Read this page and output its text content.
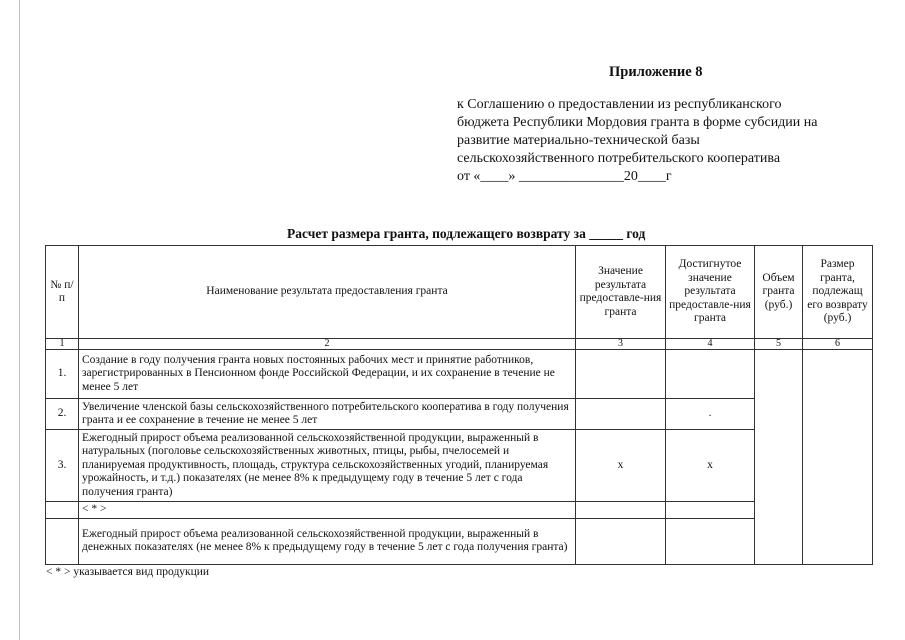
Приложение 8
к Соглашению о предоставлении из республиканского
бюджета Республики Мордовия гранта в форме субсидии на
развитие материально-технической базы
сельскохозяйственного потребительского кооператива
от «____» _______________20____г
Расчет размера гранта, подлежащего возврату за _____ год
№ п/п	Наименование результата предоставления гранта	Значение результата предоставле-ния гранта	Достигнутое значение результата предоставле-ния гранта	Объем гранта (руб.)	Размер гранта, подлежащ его возврату (руб.)
1	2	3	4	5	6
1.	Создание в году получения гранта новых постоянных рабочих мест и принятие работников, зарегистрированных в Пенсионном фонде Российской Федерации, и их сохранение в течение не менее 5 лет				
2.	Увеличение членской базы сельскохозяйственного потребительского кооператива в году получения гранта и ее сохранение в течение не менее 5 лет		.		
3.	Ежегодный прирост объема реализованной сельскохозяйственной продукции, выраженный в натуральных (поголовье сельскохозяйственных животных, птицы, рыбы, пчелосемей и планируемая продуктивность, площадь, структура сельскохозяйственных угодий, планируемая урожайность, и т.д.) показателях (не менее 8% к предыдущему году в течение 5 лет с года получения гранта)	х	х		
	< * >				
	Ежегодный прирост объема реализованной сельскохозяйственной продукции, выраженный в денежных показателях (не менее 8% к предыдущему году в течение 5 лет с года получения гранта)				
< * > указывается вид продукции
